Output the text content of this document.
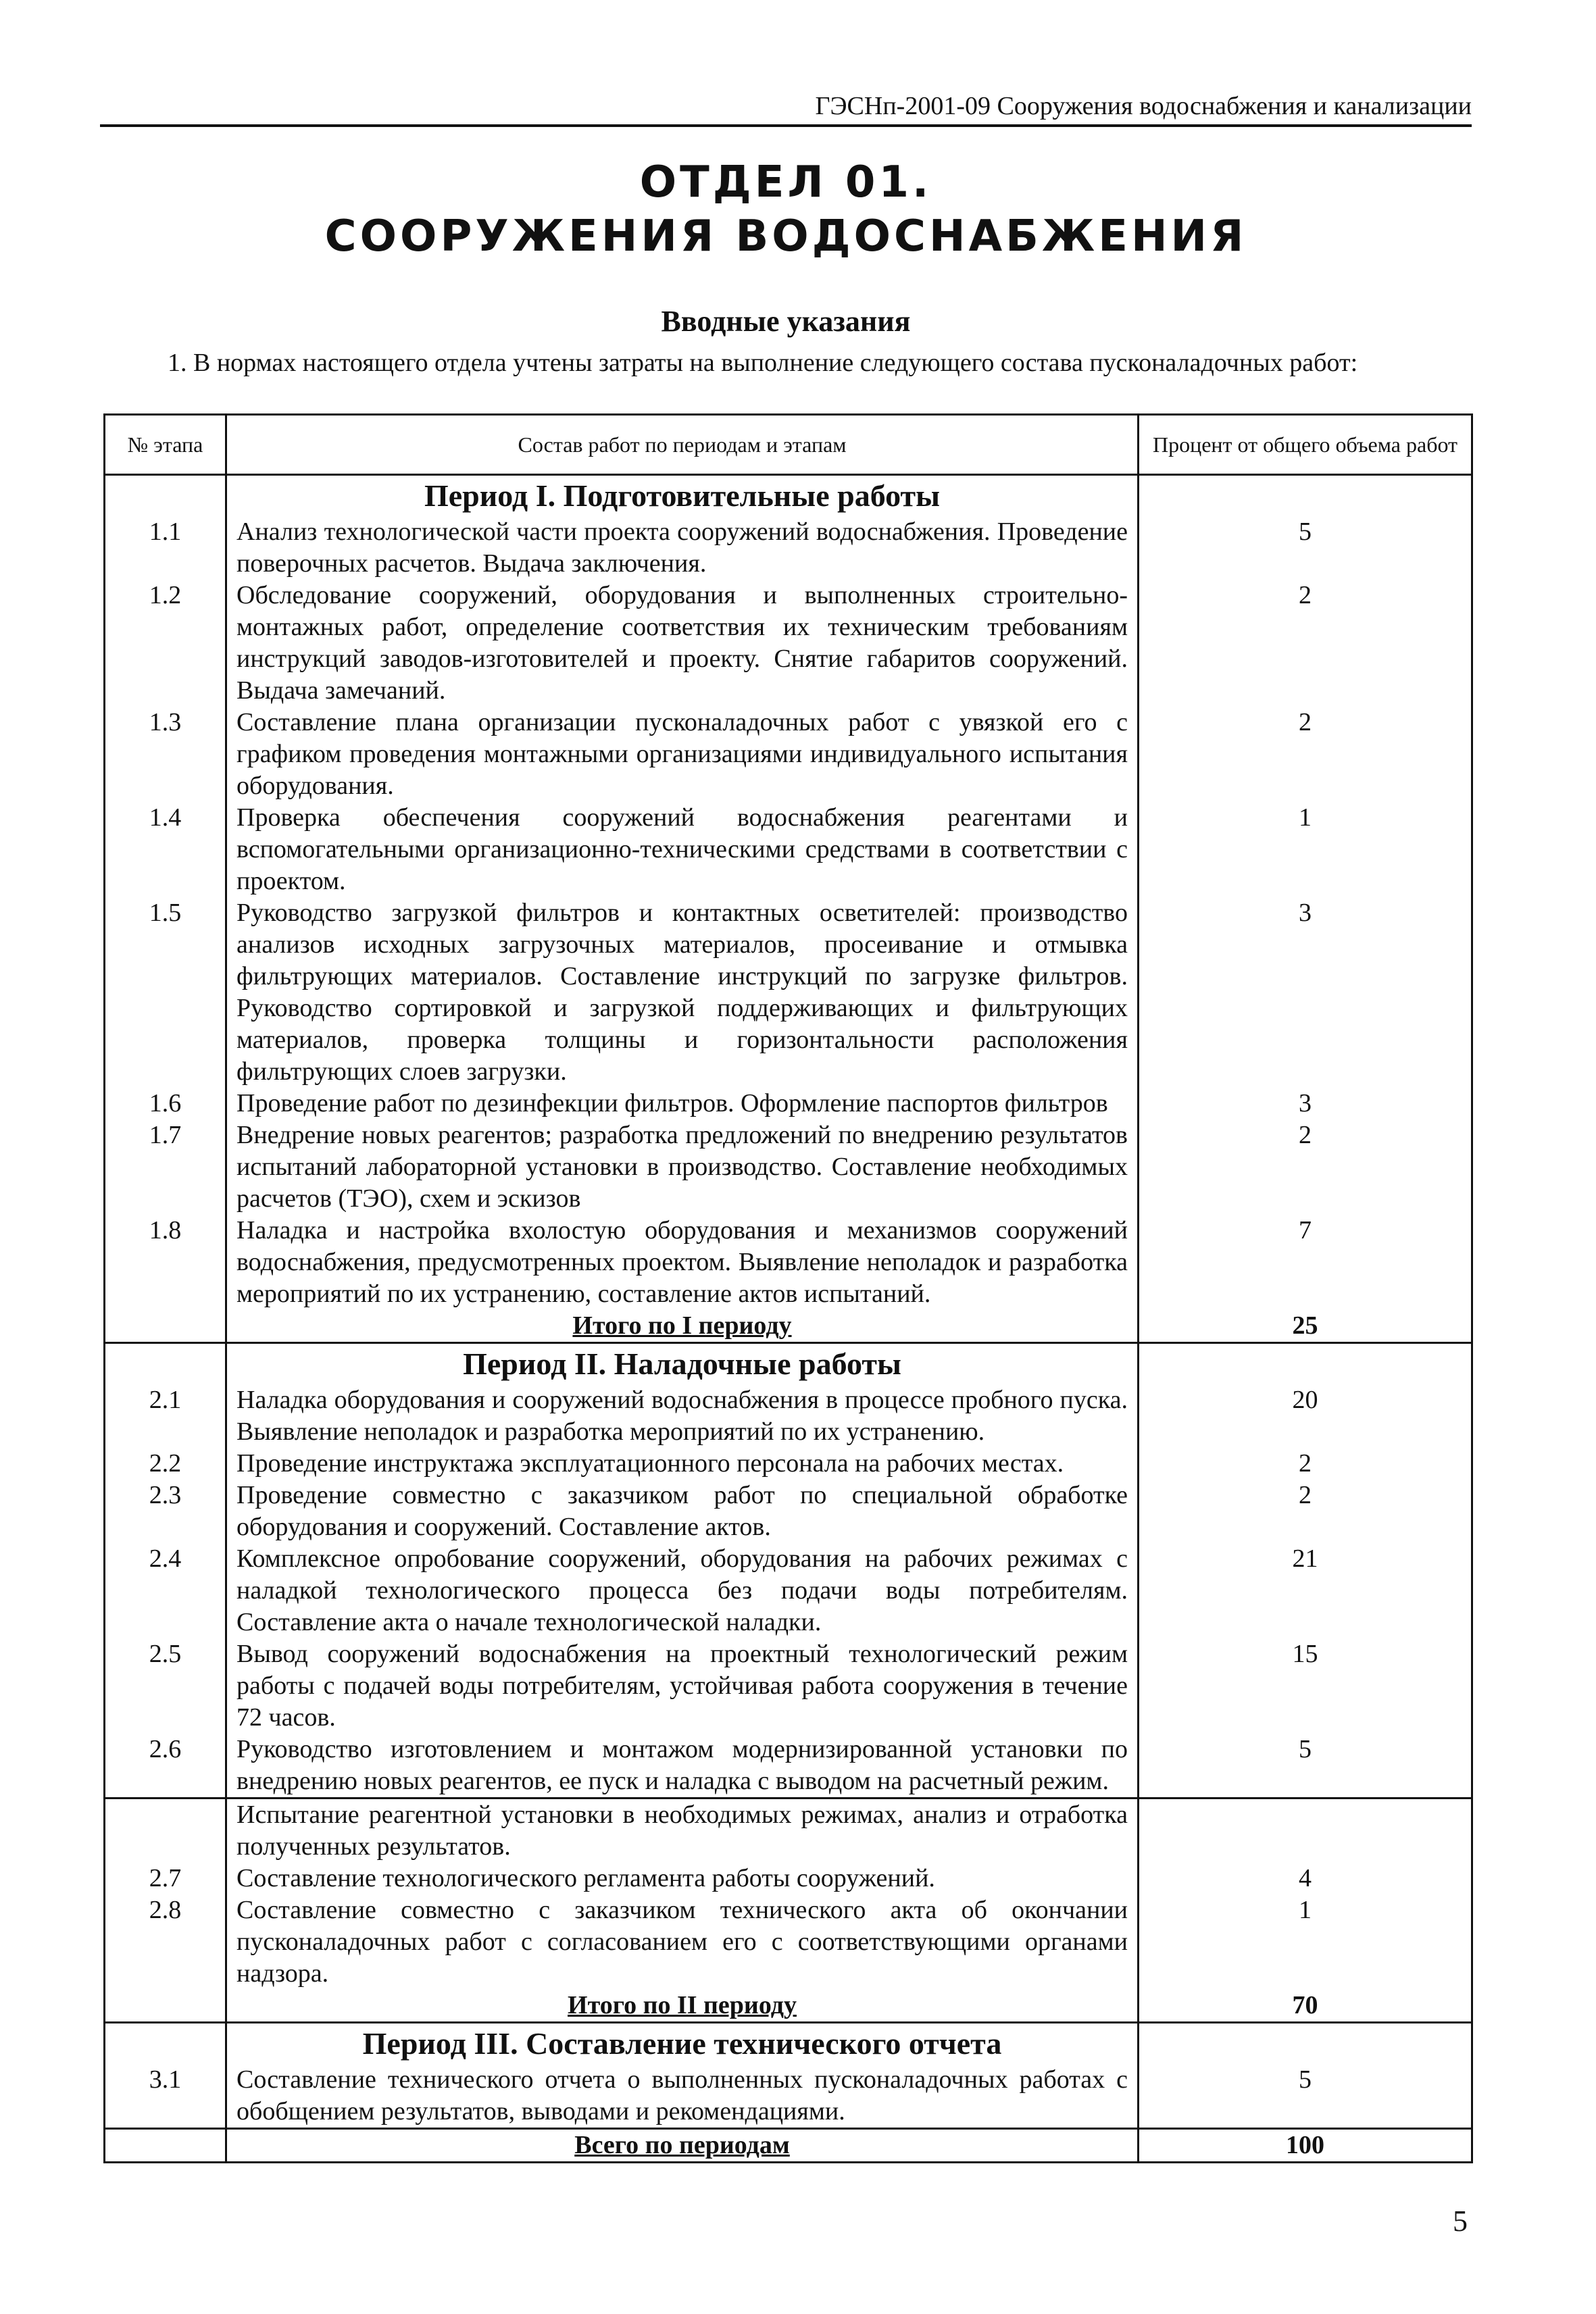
ГЭСНп-2001-09 Сооружения водоснабжения и канализации
ОТДЕЛ 01.
СООРУЖЕНИЯ ВОДОСНАБЖЕНИЯ
Вводные указания
1. В нормах настоящего отдела учтены затраты на выполнение следующего состава пусконаладочных работ:
№ этапа	Состав работ по периодам и этапам	Процент от общего объема работ
	Период I. Подготовительные работы	
1.1	Анализ технологической части проекта сооружений водоснабжения. Проведение поверочных расчетов. Выдача заключения.	5
1.2	Обследование сооружений, оборудования и выполненных строительно-монтажных работ, определение соответствия их техническим требованиям инструкций заводов-изготовителей и проекту. Снятие габаритов сооружений. Выдача замечаний.	2
1.3	Составление плана организации пусконаладочных работ с увязкой его с графиком проведения монтажными организациями индивидуального испытания оборудования.	2
1.4	Проверка обеспечения сооружений водоснабжения реагентами и вспомогательными организационно-техническими средствами в соответствии с проектом.	1
1.5	Руководство загрузкой фильтров и контактных осветителей: производство анализов исходных загрузочных материалов, просеивание и отмывка фильтрующих материалов. Составление инструкций по загрузке фильтров. Руководство сортировкой и загрузкой поддерживающих и фильтрующих материалов, проверка толщины и горизонтальности расположения фильтрующих слоев загрузки.	3
1.6	Проведение работ по дезинфекции фильтров. Оформление паспортов фильтров	3
1.7	Внедрение новых реагентов; разработка предложений по внедрению результатов испытаний лабораторной установки в производство. Составление необходимых расчетов (ТЭО), схем и эскизов	2
1.8	Наладка и настройка вхолостую оборудования и механизмов сооружений водоснабжения, предусмотренных проектом. Выявление неполадок и разработка мероприятий по их устранению, составление актов испытаний.	7
	Итого по I периоду	25
	Период II. Наладочные работы	
2.1	Наладка оборудования и сооружений водоснабжения в процессе пробного пуска. Выявление неполадок и разработка мероприятий по их устранению.	20
2.2	Проведение инструктажа эксплуатационного персонала на рабочих местах.	2
2.3	Проведение совместно с заказчиком работ по специальной обработке оборудования и сооружений. Составление актов.	2
2.4	Комплексное опробование сооружений, оборудования на рабочих режимах с наладкой технологического процесса без подачи воды потребителям. Составление акта о начале технологической наладки.	21
2.5	Вывод сооружений водоснабжения на проектный технологический режим работы с подачей воды потребителям, устойчивая работа сооружения в течение 72 часов.	15
2.6	Руководство изготовлением и монтажом модернизированной установки по внедрению новых реагентов, ее пуск и наладка с выводом на расчетный режим.	5
	Испытание реагентной установки в необходимых режимах, анализ и отработка полученных результатов.	
2.7	Составление технологического регламента работы сооружений.	4
2.8	Составление совместно с заказчиком технического акта об окончании пусконаладочных работ с согласованием его с соответствующими органами надзора.	1
	Итого по II периоду	70
	Период III. Составление технического отчета	
3.1	Составление технического отчета о выполненных пусконаладочных работах с обобщением результатов, выводами и рекомендациями.	5
	Всего по периодам	100
5
